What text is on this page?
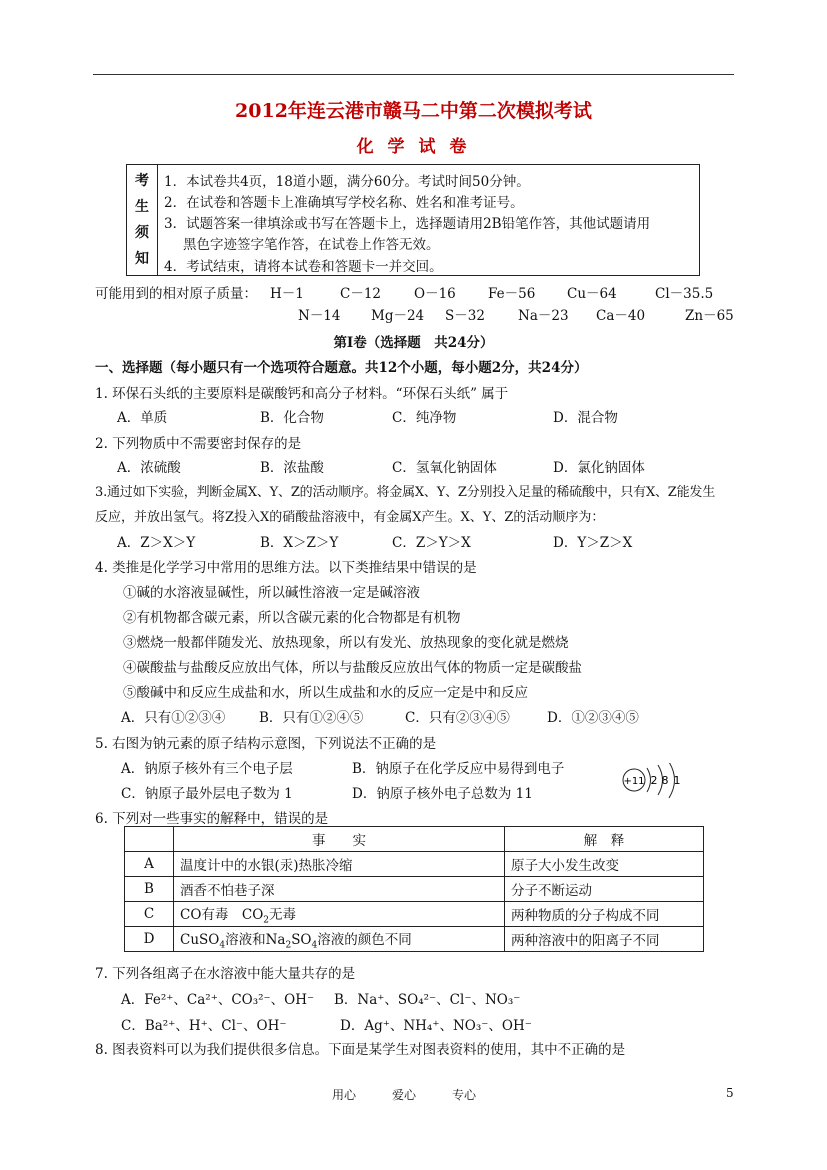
2012年连云港市赣马二中第二次模拟考试
化 学 试 卷
考
生
须
知
1．本试卷共4页，18道小题，满分60分。考试时间50分钟。
2．在试卷和答题卡上准确填写学校名称、姓名和准考证号。
3．试题答案一律填涂或书写在答题卡上，选择题请用2B铅笔作答，其他试题请用
黑色字迹签字笔作答，在试卷上作答无效。
4．考试结束，请将本试卷和答题卡一并交回。
可能用到的相对原子质量： H－1	C－12 O－16 Fe－56 Cu－64	Cl－35.5
N－14 Mg－24 S－32 Na－23 Ca－40	Zn－65
第Ⅰ卷（选择题　共24分）
一、选择题（每小题只有一个选项符合题意。共12个小题，每小题2分，共24分）
1. 环保石头纸的主要原料是碳酸钙和高分子材料。“环保石头纸” 属于
A．单质	B．化合物	C．纯净物	D．混合物
2. 下列物质中不需要密封保存的是
A．浓硫酸	B．浓盐酸	C．氢氧化钠固体	D．氯化钠固体
3.通过如下实验，判断金属X、Y、Z的活动顺序。将金属X、Y、Z分别投入足量的稀硫酸中，只有X、Z能发生
反应，并放出氢气。将Z投入X的硝酸盐溶液中，有金属X产生。X、Y、Z的活动顺序为：
A．Z＞X＞Y	B．X＞Z＞Y	C．Z＞Y＞X	D．Y＞Z＞X
4. 类推是化学学习中常用的思维方法。以下类推结果中错误的是
①碱的水溶液显碱性，所以碱性溶液一定是碱溶液
②有机物都含碳元素，所以含碳元素的化合物都是有机物
③燃烧一般都伴随发光、放热现象，所以有发光、放热现象的变化就是燃烧
④碳酸盐与盐酸反应放出气体，所以与盐酸反应放出气体的物质一定是碳酸盐
⑤酸碱中和反应生成盐和水，所以生成盐和水的反应一定是中和反应
A．只有①②③④	B．只有①②④⑤	C．只有②③④⑤	D．①②③④⑤
5. 右图为钠元素的原子结构示意图，下列说法不正确的是
A．钠原子核外有三个电子层	B．钠原子在化学反应中易得到电子
C．钠原子最外层电子数为 1	D．钠原子核外电子总数为 11
+11 2 8 1
6. 下列对一些事实的解释中，错误的是
	事　　实	解　释
A	温度计中的水银(汞)热胀冷缩	原子大小发生改变
B	酒香不怕巷子深	分子不断运动
C	CO有毒　$CO_2$无毒	两种物质的分子构成不同
D	CuSO$_4$溶液和$Na_2SO_4$溶液的颜色不同	两种溶液中的阳离子不同
7. 下列各组离子在水溶液中能大量共存的是
A．Fe²⁺、Ca²⁺、CO₃²⁻、OH⁻ B．Na⁺、SO₄²⁻、Cl⁻、NO₃⁻
C．Ba²⁺、H⁺、Cl⁻、OH⁻	D．Ag⁺、NH₄⁺、NO₃⁻、OH⁻
8. 图表资料可以为我们提供很多信息。下面是某学生对图表资料的使用，其中不正确的是
用心　　　爱心　　　专心	5
